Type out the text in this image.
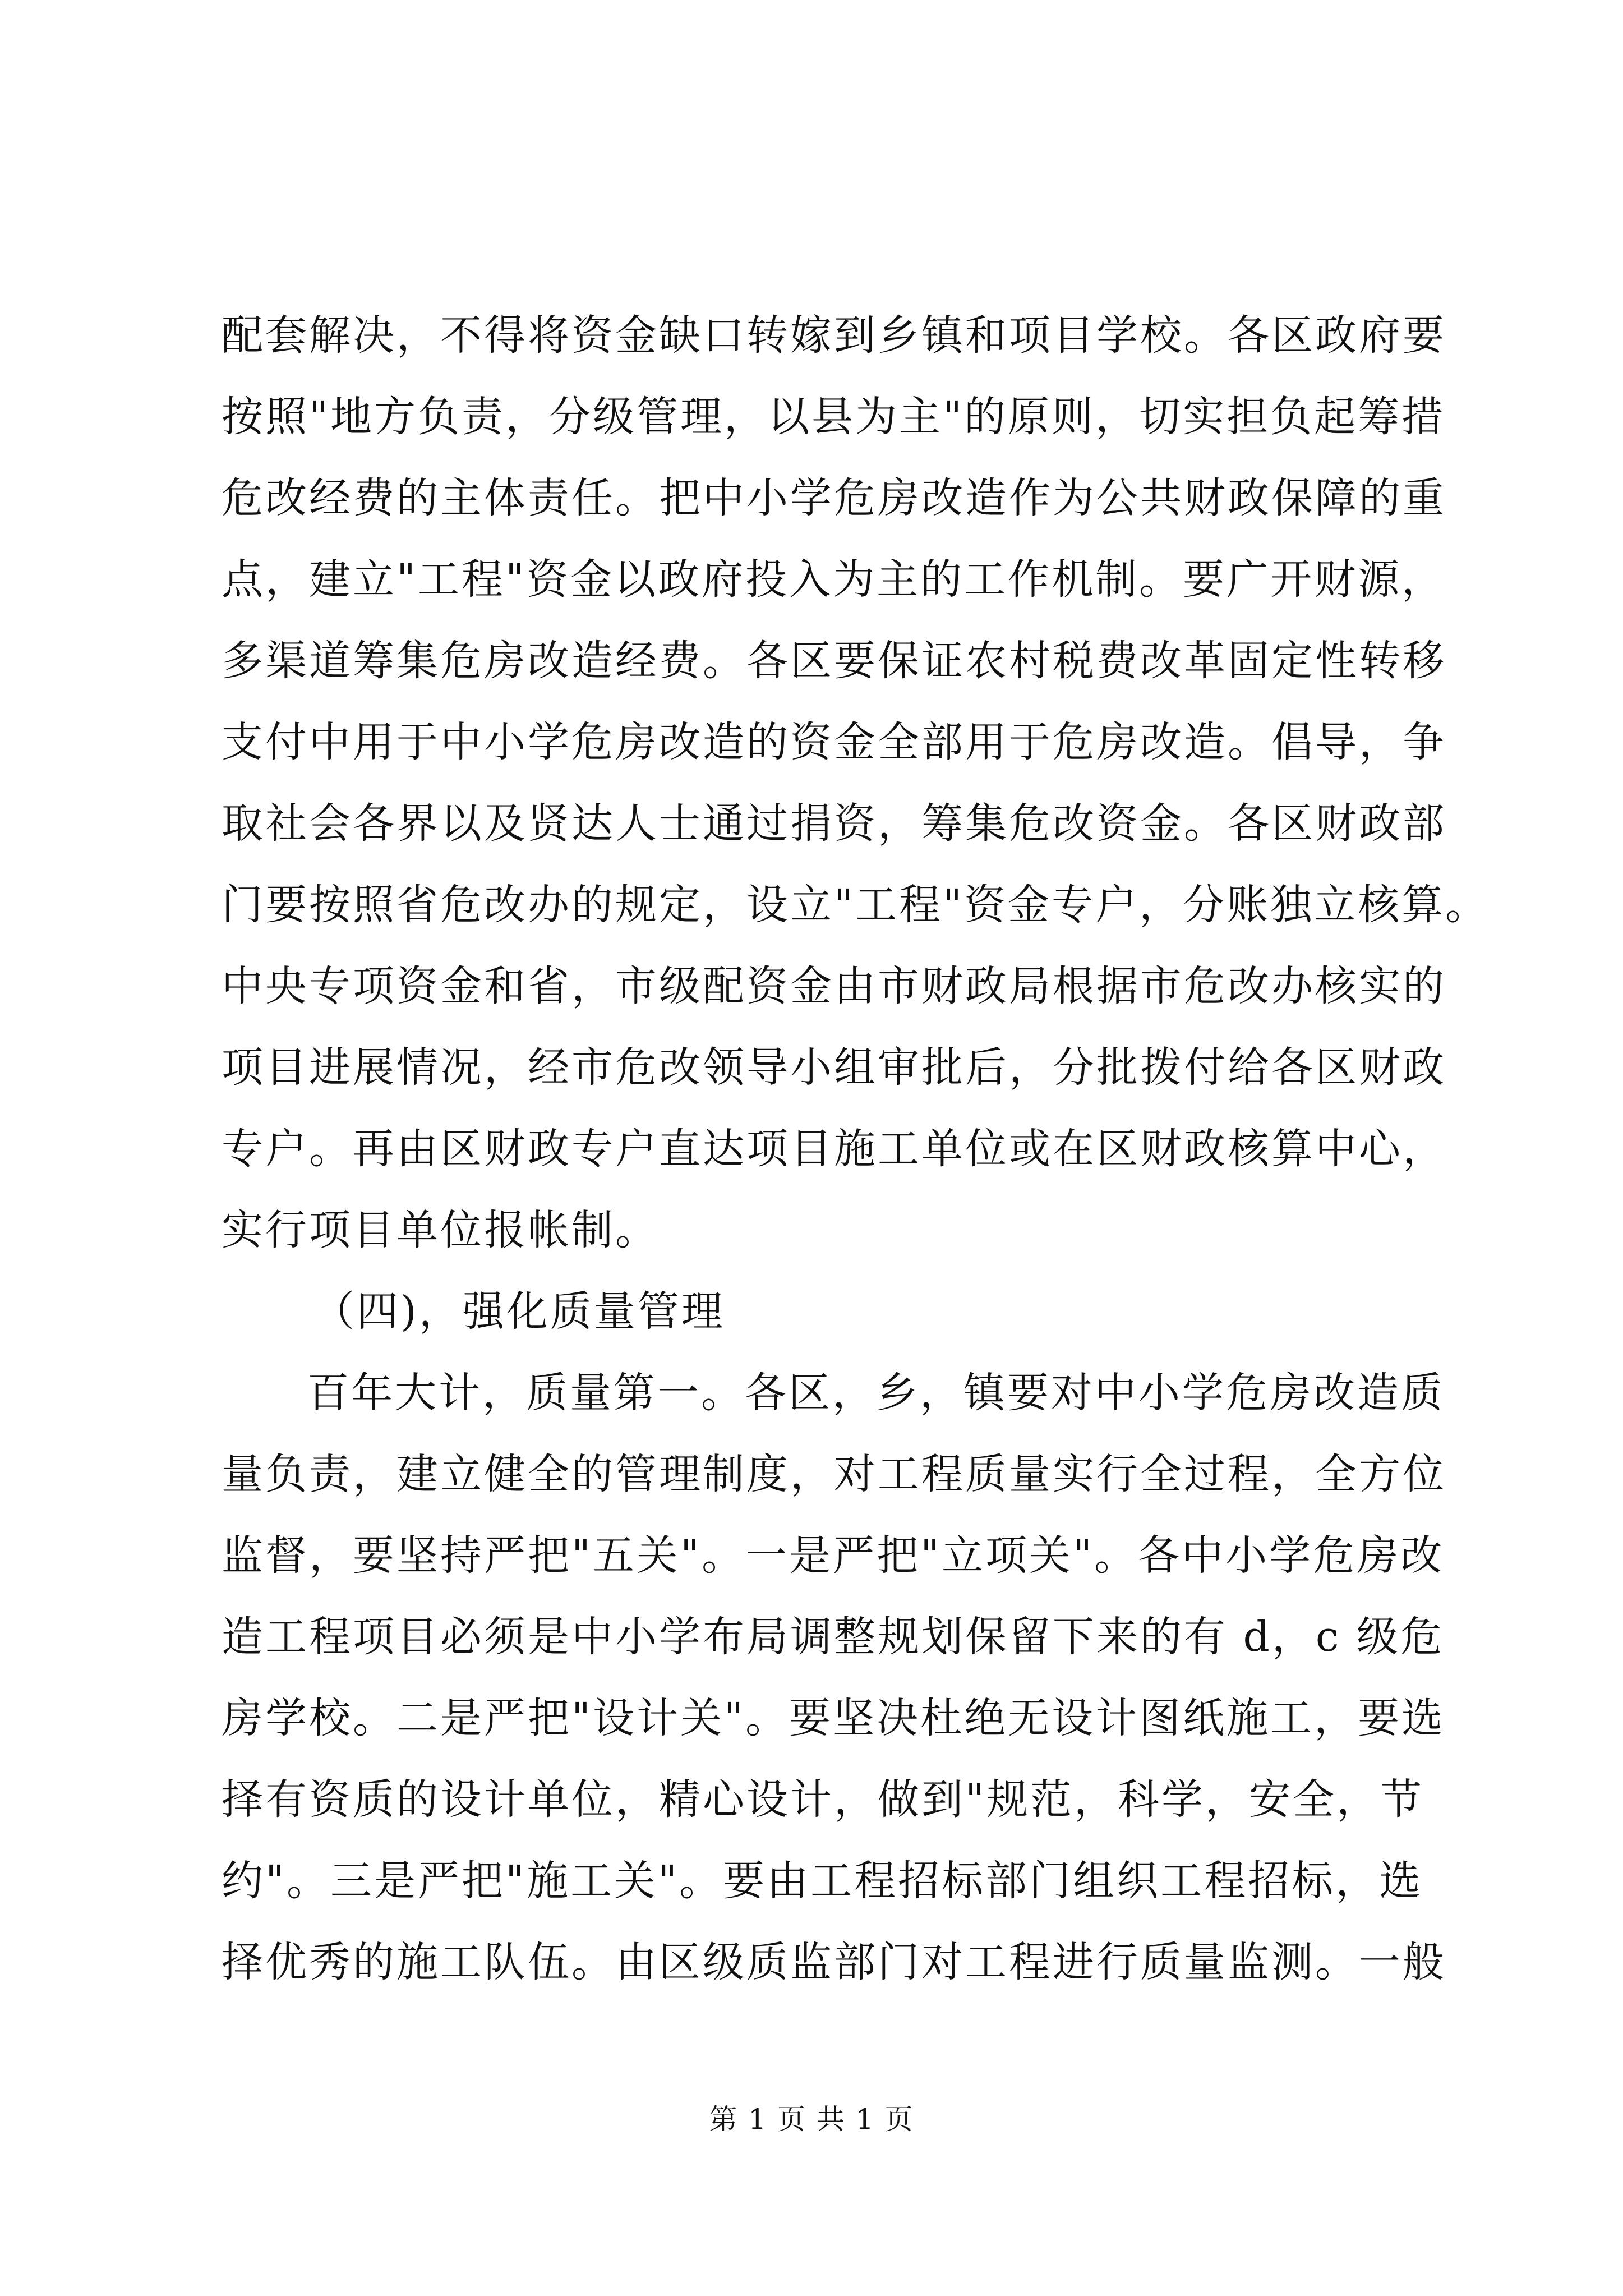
配套解决，不得将资金缺口转嫁到乡镇和项目学校。各区政府要
按照"地方负责，分级管理，以县为主"的原则，切实担负起筹措
危改经费的主体责任。把中小学危房改造作为公共财政保障的重
点，建立"工程"资金以政府投入为主的工作机制。要广开财源，
多渠道筹集危房改造经费。各区要保证农村税费改革固定性转移
支付中用于中小学危房改造的资金全部用于危房改造。倡导，争
取社会各界以及贤达人士通过捐资，筹集危改资金。各区财政部
门要按照省危改办的规定，设立"工程"资金专户，分账独立核算。
中央专项资金和省，市级配资金由市财政局根据市危改办核实的
项目进展情况，经市危改领导小组审批后，分批拨付给各区财政
专户。再由区财政专户直达项目施工单位或在区财政核算中心，
实行项目单位报帐制。
（四)，强化质量管理
百年大计，质量第一。各区，乡，镇要对中小学危房改造质
量负责，建立健全的管理制度，对工程质量实行全过程，全方位
监督，要坚持严把"五关"。一是严把"立项关"。各中小学危房改
造工程项目必须是中小学布局调整规划保留下来的有 d，c 级危
房学校。二是严把"设计关"。要坚决杜绝无设计图纸施工，要选
择有资质的设计单位，精心设计，做到"规范，科学，安全，节
约"。三是严把"施工关"。要由工程招标部门组织工程招标，选
择优秀的施工队伍。由区级质监部门对工程进行质量监测。一般
第 1 页 共 1 页
